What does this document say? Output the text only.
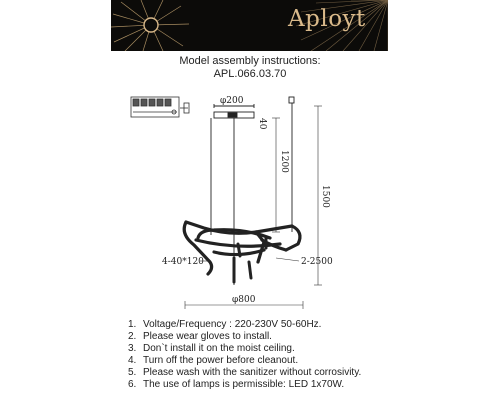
Aployt
Model assembly instructions:
APL.066.03.70
φ200
40
1200
1500
4-40*120	2-2500
φ800
1. Voltage/Frequency : 220-230V 50-60Hz.
2. Please wear gloves to install.
3. Don`t install it on the moist ceiling.
4. Turn off the power before cleanout.
5. Please wash with the sanitizer without corrosivity.
6. The use of lamps is permissible: LED 1x70W.
